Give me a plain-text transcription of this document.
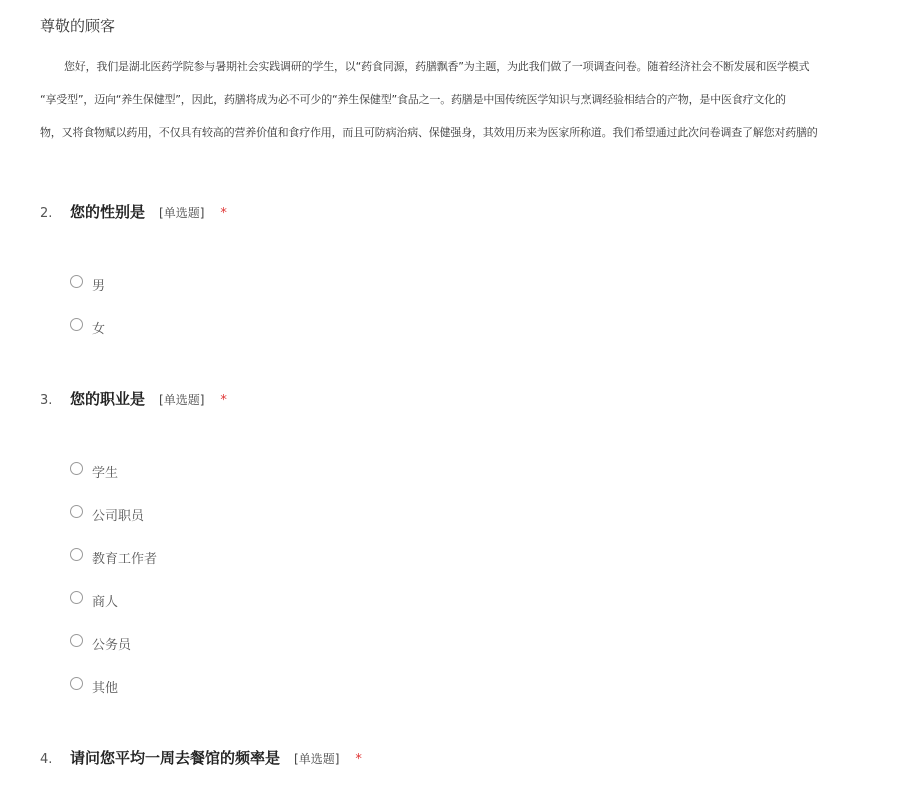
尊敬的顾客
您好，我们是湖北医药学院参与暑期社会实践调研的学生，以“药食同源，药膳飘香”为主题，为此我们做了一项调查问卷。随着经济社会不断发展和医学模式
“享受型”，迈向“养生保健型”，因此，药膳将成为必不可少的“养生保健型”食品之一。药膳是中国传统医学知识与烹调经验相结合的产物，是中医食疗文化的
物，又将食物赋以药用，不仅具有较高的营养价值和食疗作用，而且可防病治病、保健强身，其效用历来为医家所称道。我们希望通过此次问卷调查了解您对药膳的
2.	您的性别是 [单选题] *
男
女
3.	您的职业是 [单选题] *
学生
公司职员
教育工作者
商人
公务员
其他
4.	请问您平均一周去餐馆的频率是 [单选题] *
